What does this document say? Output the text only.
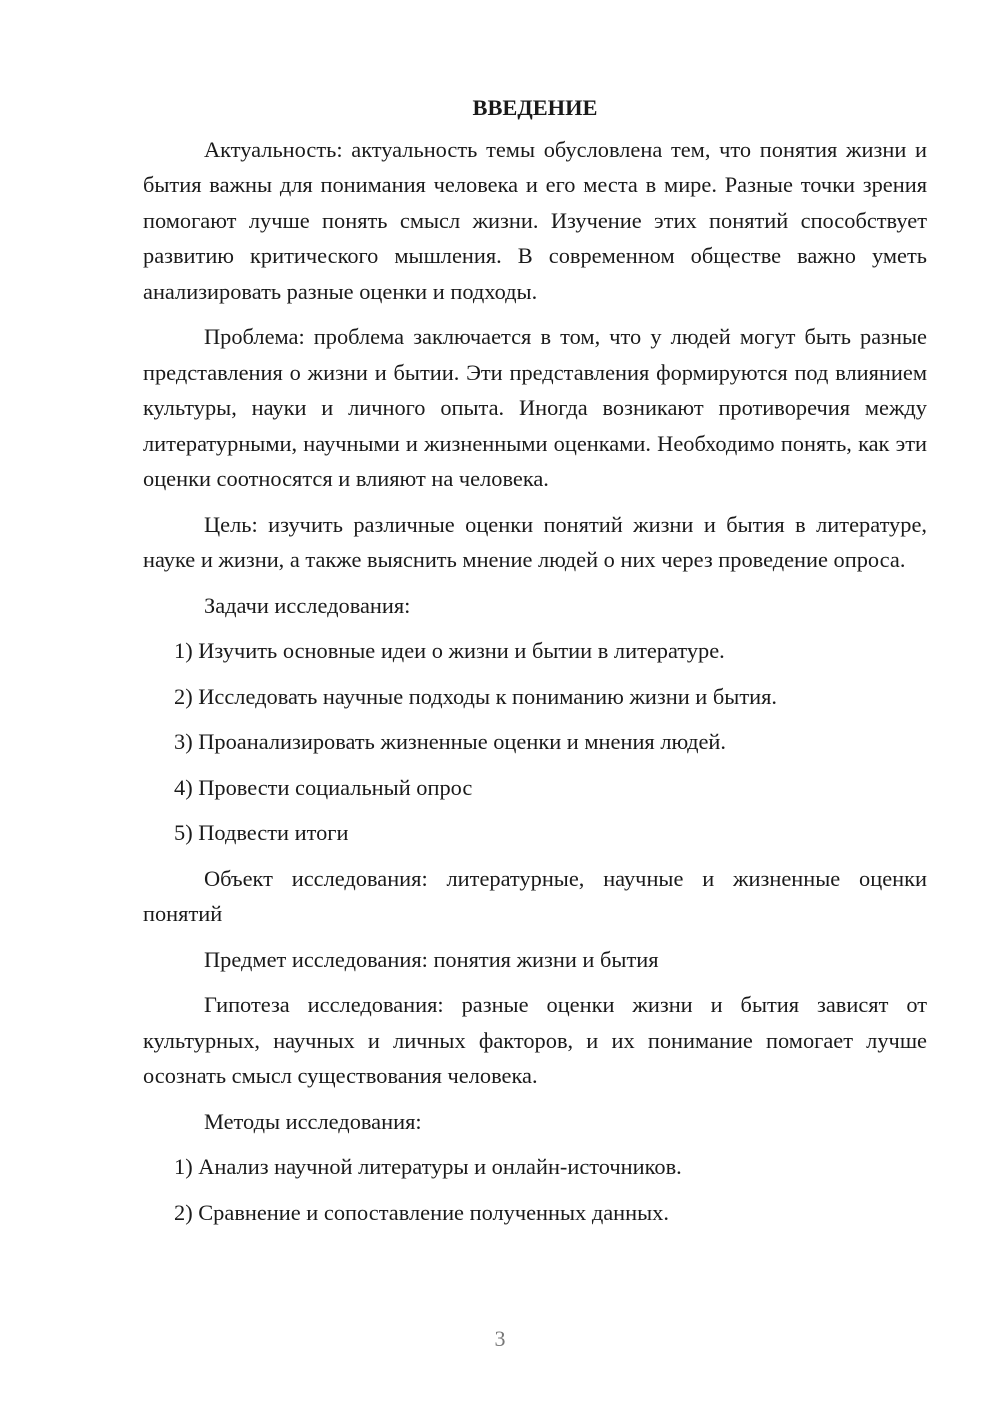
ВВЕДЕНИЕ

Актуальность: актуальность темы обусловлена тем, что понятия жизни и бытия важны для понимания человека и его места в мире. Разные точки зрения помогают лучше понять смысл жизни. Изучение этих понятий способствует развитию критического мышления. В современном обществе важно уметь анализировать разные оценки и подходы.

Проблема: проблема заключается в том, что у людей могут быть разные представления о жизни и бытии. Эти представления формируются под влиянием культуры, науки и личного опыта. Иногда возникают противоречия между литературными, научными и жизненными оценками. Необходимо понять, как эти оценки соотносятся и влияют на человека.

Цель: изучить различные оценки понятий жизни и бытия в литературе, науке и жизни, а также выяснить мнение людей о них через проведение опроса.

Задачи исследования:
1) Изучить основные идеи о жизни и бытии в литературе.
2) Исследовать научные подходы к пониманию жизни и бытия.
3) Проанализировать жизненные оценки и мнения людей.
4) Провести социальный опрос
5) Подвести итоги

Объект исследования: литературные, научные и жизненные оценки понятий

Предмет исследования: понятия жизни и бытия

Гипотеза исследования: разные оценки жизни и бытия зависят от культурных, научных и личных факторов, и их понимание помогает лучше осознать смысл существования человека.

Методы исследования:
1) Анализ научной литературы и онлайн-источников.
2) Сравнение и сопоставление полученных данных.
3
